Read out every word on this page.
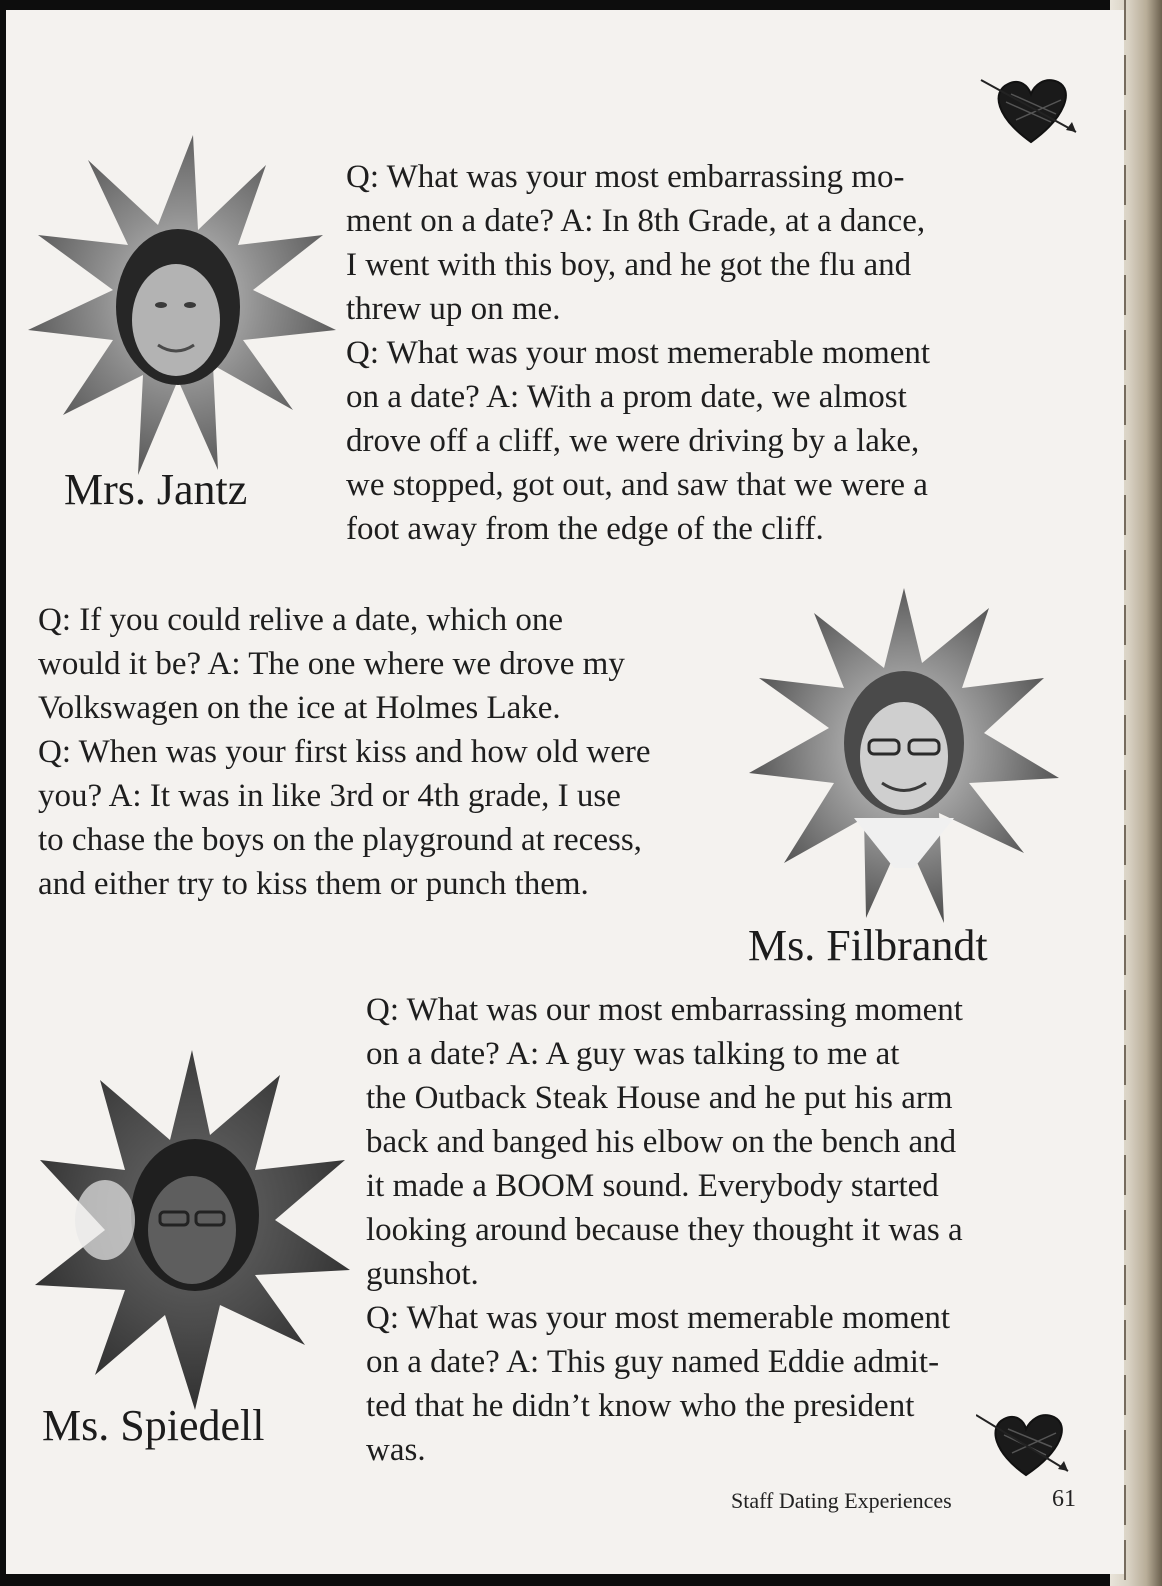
Mrs. Jantz
Q: What was your most embarrassing mo-
ment on a date? A: In 8th Grade, at a dance,
I went with this boy, and he got the flu and
threw up on me.
Q: What was your most memerable moment
on a date? A: With a prom date, we almost
drove off a cliff, we were driving by a lake,
we stopped, got out, and saw that we were a
foot away from the edge of the cliff.
Q: If you could relive a date, which one
would it be? A: The one where we drove my
Volkswagen on the ice at Holmes Lake.
Q: When was your first kiss and how old were
you? A: It was in like 3rd or 4th grade, I use
to chase the boys on the playground at recess,
and either try to kiss them or punch them.
Ms. Filbrandt
Q: What was our most embarrassing moment
on a date? A: A guy was talking to me at
the Outback Steak House and he put his arm
back and banged his elbow on the bench and
it made a BOOM sound. Everybody started
looking around because they thought it was a
gunshot.
Q: What was your most memerable moment
on a date? A: This guy named Eddie admit-
ted that he didn’t know who the president
was.
Ms. Spiedell
Staff Dating Experiences	61
